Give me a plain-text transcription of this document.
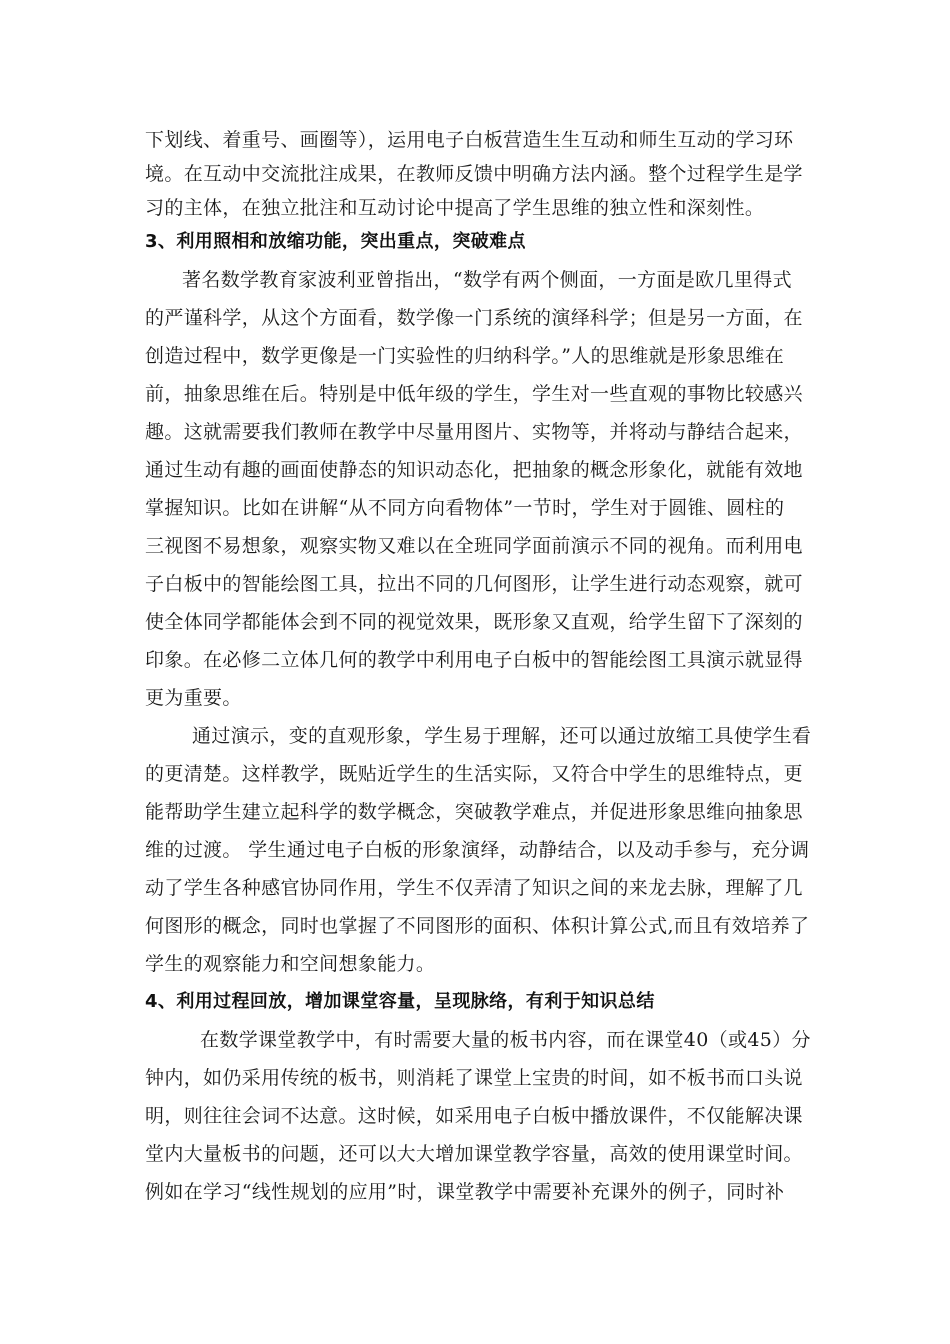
下划线、着重号、画圈等），运用电子白板营造生生互动和师生互动的学习环
境。在互动中交流批注成果，在教师反馈中明确方法内涵。整个过程学生是学
习的主体，在独立批注和互动讨论中提高了学生思维的独立性和深刻性。
3、利用照相和放缩功能，突出重点，突破难点
著名数学教育家波利亚曾指出，“数学有两个侧面，一方面是欧几里得式
的严谨科学，从这个方面看，数学像一门系统的演绎科学；但是另一方面，在
创造过程中，数学更像是一门实验性的归纳科学。”人的思维就是形象思维在
前，抽象思维在后。特别是中低年级的学生，学生对一些直观的事物比较感兴
趣。这就需要我们教师在教学中尽量用图片、实物等，并将动与静结合起来，
通过生动有趣的画面使静态的知识动态化，把抽象的概念形象化，就能有效地
掌握知识。比如在讲解“从不同方向看物体”一节时，学生对于圆锥、圆柱的
三视图不易想象，观察实物又难以在全班同学面前演示不同的视角。而利用电
子白板中的智能绘图工具，拉出不同的几何图形，让学生进行动态观察，就可
使全体同学都能体会到不同的视觉效果，既形象又直观，给学生留下了深刻的
印象。在必修二立体几何的教学中利用电子白板中的智能绘图工具演示就显得
更为重要。
通过演示，变的直观形象，学生易于理解，还可以通过放缩工具使学生看
的更清楚。这样教学，既贴近学生的生活实际，又符合中学生的思维特点，更
能帮助学生建立起科学的数学概念，突破教学难点，并促进形象思维向抽象思
维的过渡。 学生通过电子白板的形象演绎，动静结合，以及动手参与，充分调
动了学生各种感官协同作用，学生不仅弄清了知识之间的来龙去脉，理解了几
何图形的概念，同时也掌握了不同图形的面积、体积计算公式,而且有效培养了
学生的观察能力和空间想象能力。
4、利用过程回放，增加课堂容量，呈现脉络，有利于知识总结
在数学课堂教学中，有时需要大量的板书内容，而在课堂40（或45）分
钟内，如仍采用传统的板书，则消耗了课堂上宝贵的时间，如不板书而口头说
明，则往往会词不达意。这时候，如采用电子白板中播放课件，不仅能解决课
堂内大量板书的问题，还可以大大增加课堂教学容量，高效的使用课堂时间。
例如在学习“线性规划的应用”时，课堂教学中需要补充课外的例子，同时补
